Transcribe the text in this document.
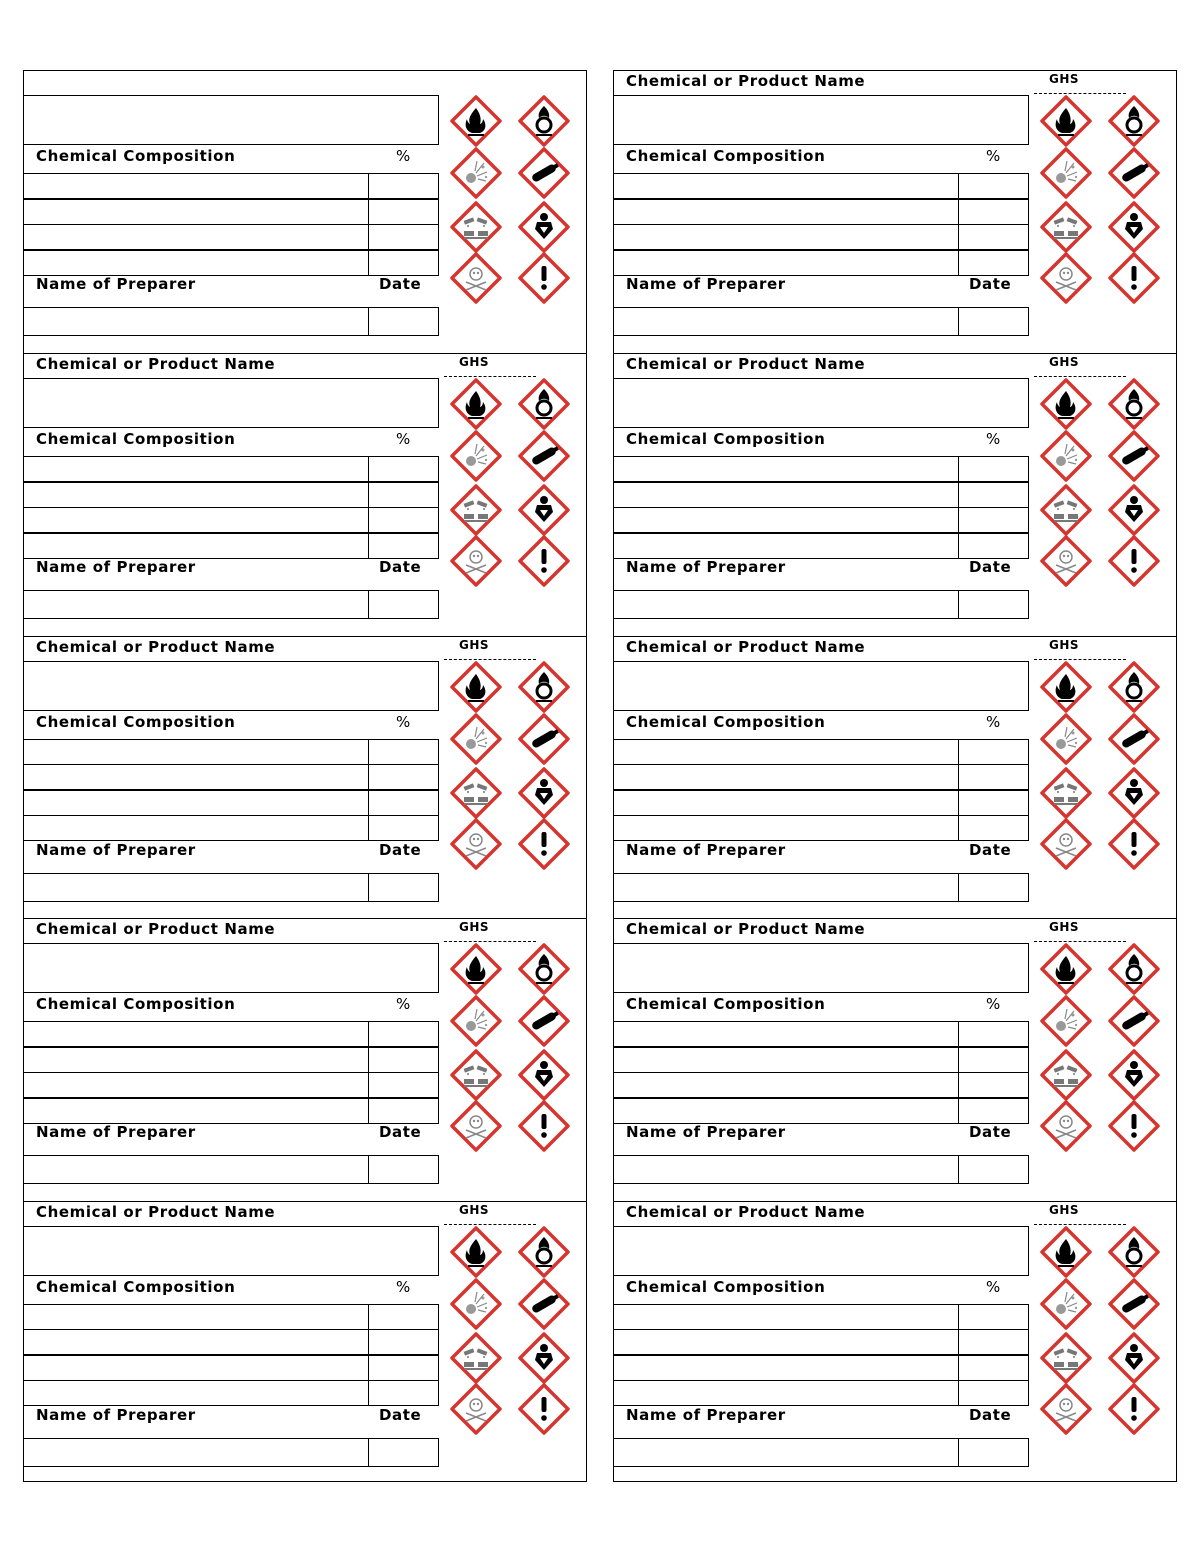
Chemical Composition	%
Name of Preparer	Date
Chemical or Product Name	GHS
Chemical Composition	%
Name of Preparer	Date
Chemical or Product Name	GHS
Chemical Composition	%
Name of Preparer	Date
Chemical or Product Name	GHS
Chemical Composition	%
Name of Preparer	Date
Chemical or Product Name	GHS
Chemical Composition	%
Name of Preparer	Date
Chemical or Product Name	GHS
Chemical Composition	%
Name of Preparer	Date
Chemical or Product Name	GHS
Chemical Composition	%
Name of Preparer	Date
Chemical or Product Name	GHS
Chemical Composition	%
Name of Preparer	Date
Chemical or Product Name	GHS
Chemical Composition	%
Name of Preparer	Date
Chemical or Product Name	GHS
Chemical Composition	%
Name of Preparer	Date
